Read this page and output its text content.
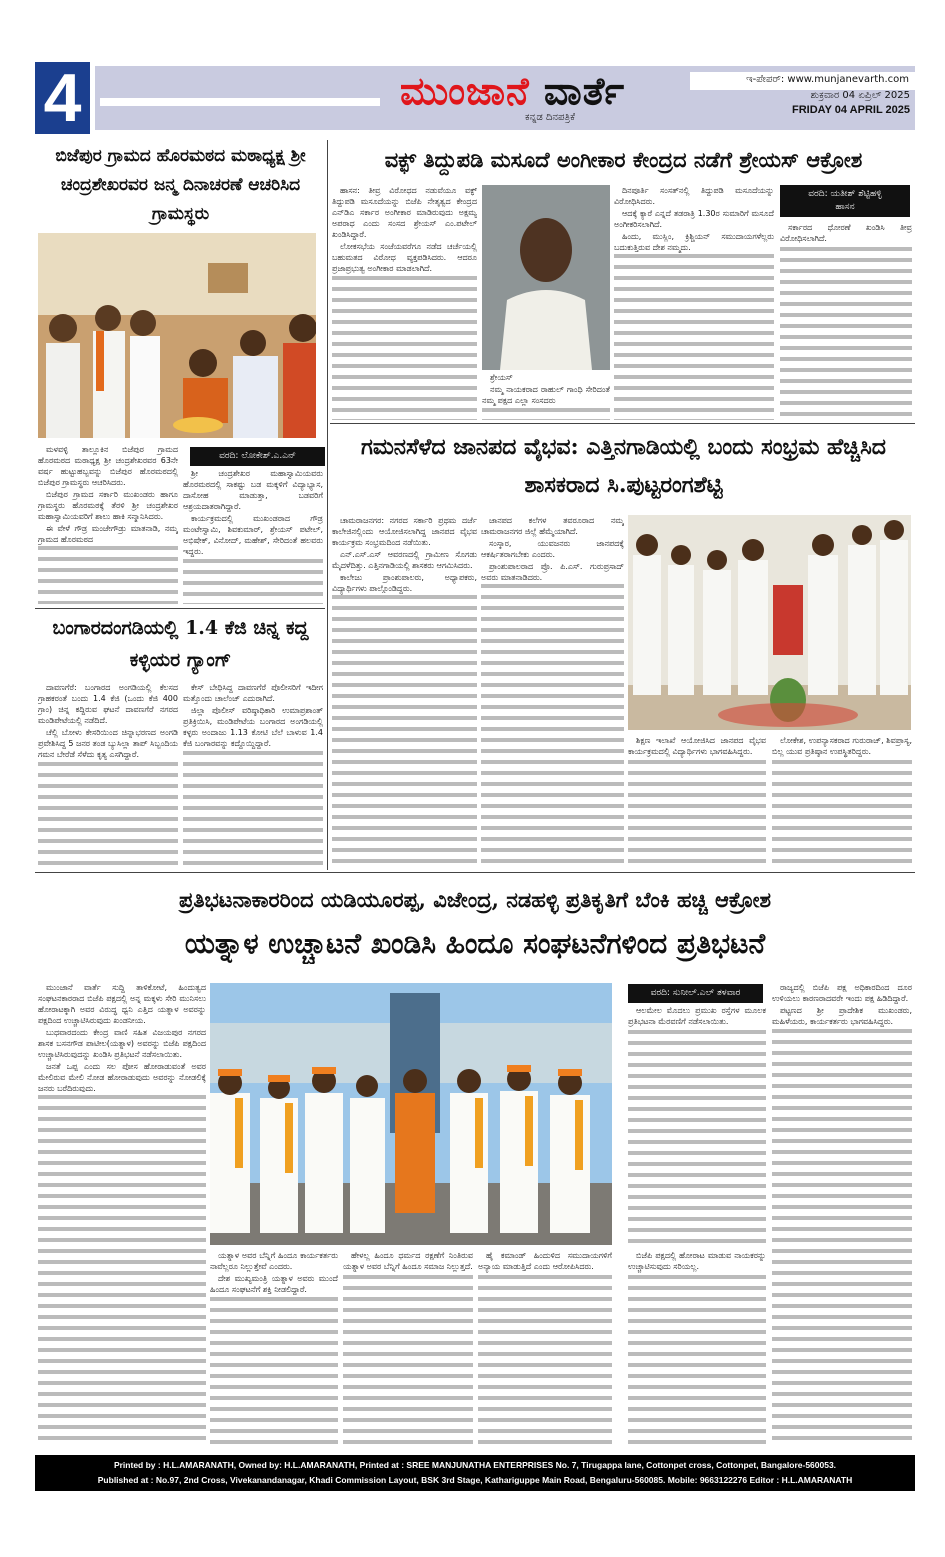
4	ಮುಂಜಾನೆ ವಾರ್ತೆ
ಕನ್ನಡ ದಿನಪತ್ರಿಕೆ
ಇ-ಪೇಪರ್: www.munjanevarth.com
ಶುಕ್ರವಾರ 04 ಏಪ್ರಿಲ್ 2025
FRIDAY 04 APRIL 2025
ಬಿಜೆಪುರ ಗ್ರಾಮದ ಹೊರಮಠದ ಮಠಾಧ್ಯಕ್ಷ ಶ್ರೀ ಚಂದ್ರಶೇಖರವರ ಜನ್ಮ ದಿನಾಚರಣೆ ಆಚರಿಸಿದ ಗ್ರಾಮಸ್ಥರು

ಮಳವಳ್ಳಿ ತಾಲ್ಲೂಕಿನ ಬಿಜೆಪುರ ಗ್ರಾಮದ ಹೊರಮಠದ ಮಠಾಧ್ಯಕ್ಷ ಶ್ರೀ ಚಂದ್ರಶೇಖರವರ 63ನೇ ವರ್ಷ ಹುಟ್ಟುಹಬ್ಬವನ್ನು ಬಿಜೆಪುರ ಹೊರಮಠದಲ್ಲಿ ಬಿಜೆಪುರ ಗ್ರಾಮಸ್ಥರು ಆಚರಿಸಿದರು.

ಬಿಜೆಪುರ ಗ್ರಾಮದ ಸರ್ಕಾರಿ ಮುಖಂಡರು ಹಾಗೂ ಗ್ರಾಮಸ್ಥರು ಹೊರಮಠಕ್ಕೆ ತೆರಳಿ ಶ್ರೀ ಚಂದ್ರಶೇಖರ ಮಹಾಸ್ವಾಮಿಯವರಿಗೆ ಶಾಲು ಹಾಕಿ ಸನ್ಮಾನಿಸಿದರು.

ಈ ವೇಳೆ ಗೌಡ್ರ ಮಂಜೇಗೌಡ್ರು ಮಾತನಾಡಿ, ನಮ್ಮ ಗ್ರಾಮದ ಹೊರಮಠದ

ವರದಿ: ಲೋಕೇಶ್.ಎ.ಎನ್

ಶ್ರೀ ಚಂದ್ರಶೇಖರ ಮಹಾಸ್ವಾಮಿಯವರು ಹೊರಮಠದಲ್ಲಿ ಸಾಕಷ್ಟು ಬಡ ಮಕ್ಕಳಿಗೆ ವಿದ್ಯಾಭ್ಯಾಸ, ದಾಸೋಹ ಮಾಡುತ್ತಾ, ಬಡವರಿಗೆ ಆಶ್ರಯದಾತರಾಗಿದ್ದಾರೆ.

ಕಾರ್ಯಕ್ರಮದಲ್ಲಿ ಮುಖಂಡರಾದ ಗೌಡ್ರ ಮಂಟೇಸ್ವಾಮಿ, ಶಿವಕುಮಾರ್, ಶ್ರೇಯಸ್ ಪಟೇಲ್, ಅಭಿಷೇಕ್, ವಿನೋದ್, ಮಹೇಶ್, ಸೇರಿದಂತೆ ಹಲವರು ಇದ್ದರು.

ಬಂಗಾರದಂಗಡಿಯಲ್ಲಿ 1.4 ಕೆಜಿ ಚಿನ್ನ ಕದ್ದ ಕಳ್ಳಿಯರ ಗ್ಯಾಂಗ್

ದಾವಣಗೆರೆ: ಬಂಗಾರದ ಅಂಗಡಿಯಲ್ಲಿ ಕೆಲಸದ ಗ್ರಾಹಕರಂತೆ ಬಂದು 1.4 ಕೆಜಿ (ಒಂದು ಕೆಜಿ 400 ಗ್ರಾಂ) ಚಿನ್ನ ಕದ್ದಿರುವ ಘಟನೆ ದಾವಣಗೆರೆ ನಗರದ ಮಂಡಿಪೇಟೆಯಲ್ಲಿ ನಡೆದಿದೆ.

ಚೆಲ್ಲಿ ಬೋಳು ಕೇಸರಿಯಿಂದ ಚಿನ್ನಾಭರಣದ ಅಂಗಡಿ ಪ್ರವೇಶಿಸಿದ್ದ 5 ಜನರ ತಂಡ ಬ್ಯುಸಿಲ್ಲಾ ತಾಪ್ ಸಿಬ್ಬಂದಿಯ ಗಮನ ಬೇರೆಡೆ ಸೆಳೆದು ಕೃತ್ಯ ಎಸಗಿದ್ದಾರೆ.

ಕೇಸ್ ಬೇಧಿಸಿದ್ದ ದಾವಣಗೆರೆ ಪೊಲೀಸರಿಗೆ ಇದೀಗ ಮತ್ತೊಂದು ಚಾಲೆಂಜ್ ಎದುರಾಗಿದೆ.

ಜಿಲ್ಲಾ ಪೊಲೀಸ್ ವರಿಷ್ಠಾಧಿಕಾರಿ ಉಮಾಪ್ರಶಾಂತ್ ಪ್ರತಿಕ್ರಿಯಿಸಿ, ಮಂಡಿಪೇಟೆಯ ಬಂಗಾರದ ಅಂಗಡಿಯಲ್ಲಿ ಕಳ್ಳರು ಅಂದಾಜು 1.13 ಕೋಟಿ ಬೆಲೆ ಬಾಳುವ 1.4 ಕೆಜಿ ಬಂಗಾರವನ್ನು ಕದ್ದೊಯ್ದಿದ್ದಾರೆ.

ವಕ್ಫ್ ತಿದ್ದುಪಡಿ ಮಸೂದೆ ಅಂಗೀಕಾರ ಕೇಂದ್ರದ ನಡೆಗೆ ಶ್ರೇಯಸ್ ಆಕ್ರೋಶ

ಹಾಸನ: ತೀವ್ರ ವಿರೋಧದ ನಡುವೆಯೂ ವಕ್ಫ್ ತಿದ್ದುಪಡಿ ಮಸೂದೆಯನ್ನು ಬಿಜೆಪಿ ನೇತೃತ್ವದ ಕೇಂದ್ರದ ಎನ್‌ಡಿಎ ಸರ್ಕಾರ ಅಂಗೀಕಾರ ಮಾಡಿರುವುದು ಅಕ್ಷಮ್ಯ ಅಪರಾಧ ಎಂದು ಸಂಸದ ಶ್ರೇಯಸ್ ಎಂ.ಪಟೇಲ್ ಖಂಡಿಸಿದ್ದಾರೆ.

ಲೋಕಸಭೆಯ ಸಂಜೆಯವರೆಗೂ ನಡೆದ ಚರ್ಚೆಯಲ್ಲಿ ಬಹುಮತದ ವಿರೋಧ ವ್ಯಕ್ತಪಡಿಸಿದರು. ಆದರೂ ಪ್ರಜಾಪ್ರಭುತ್ವ ಅಂಗೀಕಾರ ಮಾಡಲಾಗಿದೆ.

ಶ್ರೇಯಸ್

ನಮ್ಮ ನಾಯಕರಾದ ರಾಹುಲ್ ಗಾಂಧಿ ಸೇರಿದಂತೆ ನಮ್ಮ ಪಕ್ಷದ ಎಲ್ಲಾ ಸಂಸದರು

ದಿನಪೂರ್ತಿ ಸಂಸತ್‌ನಲ್ಲಿ ತಿದ್ದುಪಡಿ ಮಸೂದೆಯನ್ನು ವಿರೋಧಿಸಿದರು.

ಆದಕ್ಕೆ ಕ್ಯಾರೆ ಎನ್ನದೆ ತಡರಾತ್ರಿ 1.30ರ ಸುಮಾರಿಗೆ ಮಸೂದೆ ಅಂಗೀಕರಿಸಲಾಗಿದೆ.

ಹಿಂದು, ಮುಸ್ಲಿಂ, ಕ್ರಿಶ್ಚಿಯನ್ ಸಮುದಾಯಗಳೆಲ್ಲರು ಬದುಕುತ್ತಿರುವ ದೇಶ ನಮ್ಮದು.

ವರದಿ: ಯತೀಶ್ ಶೆಟ್ಟಿಹಳ್ಳಿ
ಹಾಸನ

ಸರ್ಕಾರದ ಧೋರಣೆ ಖಂಡಿಸಿ ತೀವ್ರ ವಿರೋಧಿಸಲಾಗಿದೆ.

ಗಮನಸೆಳೆದ ಜಾನಪದ ವೈಭವ: ಎತ್ತಿನಗಾಡಿಯಲ್ಲಿ ಬಂದು ಸಂಭ್ರಮ ಹೆಚ್ಚಿಸಿದ ಶಾಸಕರಾದ ಸಿ.ಪುಟ್ಟರಂಗಶೆಟ್ಟಿ

ಚಾಮರಾಜನಗರ: ನಗರದ ಸರ್ಕಾರಿ ಪ್ರಥಮ ದರ್ಜೆ ಕಾಲೇಜಿನಲ್ಲಿಂದು ಆಯೋಜಿಸಲಾಗಿದ್ದ ಜಾನಪದ ವೈಭವ ಕಾರ್ಯಕ್ರಮ ಸಂಭ್ರಮದಿಂದ ನಡೆಯಿತು.

ಎನ್.ಎಸ್.ಎಸ್ ಆವರಣದಲ್ಲಿ ಗ್ರಾಮೀಣ ಸೊಗಡು ಮೈದಳೆದಿತ್ತು. ಎತ್ತಿನಗಾಡಿಯಲ್ಲಿ ಶಾಸಕರು ಆಗಮಿಸಿದರು.

ಕಾಲೇಜು ಪ್ರಾಂಶುಪಾಲರು, ಅಧ್ಯಾಪಕರು, ವಿದ್ಯಾರ್ಥಿಗಳು ಪಾಲ್ಗೊಂಡಿದ್ದರು.

ಜಾನಪದ ಕಲೆಗಳ ತವರೂರಾದ ನಮ್ಮ ಚಾಮರಾಜನಗರ ಜಿಲ್ಲೆ ಹೆಮ್ಮೆಯಾಗಿದೆ.

ಸಂಸ್ಕಾರ, ಯುವಜನರು ಜಾನಪದಕ್ಕೆ ಆಕರ್ಷಿತರಾಗಬೇಕು ಎಂದರು.

ಪ್ರಾಂಶುಪಾಲರಾದ ಪ್ರೊ. ಪಿ.ಎಸ್. ಗುರುಪ್ರಸಾದ್ ಅವರು ಮಾತನಾಡಿದರು.

ಶಿಕ್ಷಣ ಇಲಾಖೆ ಆಯೋಜಿಸಿದ ಜಾನಪದ ವೈಭವ ಕಾರ್ಯಕ್ರಮದಲ್ಲಿ ವಿದ್ಯಾರ್ಥಿಗಳು ಭಾಗವಹಿಸಿದ್ದರು.

ಲೋಕೇಶ, ಉಪನ್ಯಾಸಕರಾದ ಗುರುರಾಜ್, ಶಿವಪ್ರಾಸ್ಯ, ಬಿಲ್ಲ ಯುವ ಪ್ರತಿಷ್ಠಾನ ಉಪಸ್ಥಿತರಿದ್ದರು.

ಪ್ರತಿಭಟನಾಕಾರರಿಂದ ಯಡಿಯೂರಪ್ಪ, ವಿಜೇಂದ್ರ, ನಡಹಳ್ಳಿ ಪ್ರತಿಕೃತಿಗೆ ಬೆಂಕಿ ಹಚ್ಚಿ ಆಕ್ರೋಶ
ಯತ್ನಾಳ ಉಚ್ಚಾಟನೆ ಖಂಡಿಸಿ ಹಿಂದೂ ಸಂಘಟನೆಗಳಿಂದ ಪ್ರತಿಭಟನೆ

ಮುಂಜಾನೆ ವಾರ್ತೆ ಸುದ್ದಿ ತಾಳಿಕೋಟೆ, ಹಿಂದುತ್ವದ ಸಂಘಟನಕಾರರಾದ ಬಿಜೆಪಿ ಪಕ್ಷದಲ್ಲಿ ಅನ್ನ ಮಕ್ಕಳು ಸೇರಿ ಮುನಿಸಲು ಹೋರಾಟಕ್ಕಾಗಿ ಅವರ ವಿರುದ್ಧ ಧ್ವನಿ ಎತ್ತಿದ ಯತ್ನಾಳ ಅವರನ್ನು ಪಕ್ಷದಿಂದ ಉಚ್ಚಾಟಿಸಿರುವುದು ಖಂಡನೀಯ.

ಬುಧವಾರದಂದು ಕೇಂದ್ರ ವಾಣಿ ಸಹಿತ ವಿಜಯಪುರ ನಗರದ ಶಾಸಕ ಬಸನಗೌಡ ಪಾಟೀಲ(ಯತ್ನಾಳ) ಅವರನ್ನು ಬಿಜೆಪಿ ಪಕ್ಷದಿಂದ ಉಚ್ಚಾಟಿಸಿರುವುದನ್ನು ಖಂಡಿಸಿ ಪ್ರತಿಭಟನೆ ನಡೆಸಲಾಯಿತು.

ಜನತೆ ಒಪ್ಪ ಎಂದು ಸಲ ಪೋಸ ಹೋರಾಡುವಂತೆ ಅವರ ಮೇಲಿರುವ ಮೇಲಿ ನೋಡ ಹೋರಾಡುವುದು ಅವರನ್ನು ನೋಡಲಿಕ್ಕೆ ಜನರು ಬರೆದಿರುವುದು.

ವರದಿ: ಸುನೀಲ್.ಎಲ್ ತಳವಾರ

ಆಲಮೇಲ ಮೊದಲು ಪ್ರಮುಖ ರಸ್ತೆಗಳ ಮೂಲಕ ಪ್ರತಿಭಟನಾ ಮೆರವಣಿಗೆ ನಡೆಸಲಾಯಿತು.

ರಾಜ್ಯದಲ್ಲಿ ಬಿಜೆಪಿ ಪಕ್ಷ ಅಧಿಕಾರದಿಂದ ದೂರ ಉಳಿಯಲು ಕಾರಣರಾದವರೇ ಇಂದು ಪಕ್ಷ ಹಿಡಿದಿದ್ದಾರೆ.

ಪಟ್ಟಣದ ಶ್ರೀ ಪ್ರಾದೇಶಿಕ ಮುಖಂಡರು, ಮಹಿಳೆಯರು, ಕಾರ್ಯಕರ್ತರು ಭಾಗವಹಿಸಿದ್ದರು.

ಯತ್ನಾಳ ಅವರ ಬೆನ್ನಿಗೆ ಹಿಂದೂ ಕಾರ್ಯಕರ್ತರು ನಾವೆಲ್ಲರೂ ನಿಲ್ಲುತ್ತೇವೆ ಎಂದರು.

ದೇಶ ಮುಖ್ಯಮಂತ್ರಿ ಯತ್ನಾಳ ಅವರು ಮುಂದೆ ಹಿಂದೂ ಸಂಘಟನೆಗೆ ಶಕ್ತಿ ನೀಡಲಿದ್ದಾರೆ.

ಹೇಳಲ್ಲ ಹಿಂದೂ ಧರ್ಮದ ರಕ್ಷಣೆಗೆ ನಿಂತಿರುವ ಯತ್ನಾಳ ಅವರ ಬೆನ್ನಿಗೆ ಹಿಂದೂ ಸಮಾಜ ನಿಲ್ಲುತ್ತದೆ.

ಹೈ ಕಮಾಂಡ್ ಹಿಂದುಳಿದ ಸಮುದಾಯಗಳಿಗೆ ಅನ್ಯಾಯ ಮಾಡುತ್ತಿದೆ ಎಂದು ಆರೋಪಿಸಿದರು.

ಬಿಜೆಪಿ ಪಕ್ಷದಲ್ಲಿ ಹೋರಾಟ ಮಾಡುವ ನಾಯಕರನ್ನು ಉಚ್ಚಾಟಿಸುವುದು ಸರಿಯಲ್ಲ.

Printed by : H.L.AMARANATH, Owned by: H.L.AMARANATH, Printed at : SREE MANJUNATHA ENTERPRISES No. 7, Tirugappa lane, Cottonpet cross, Cottonpet, Bangalore-560053.
Published at : No.97, 2nd Cross, Vivekanandanagar, Khadi Commission Layout, BSK 3rd Stage, Kathariguppe Main Road, Bengaluru-560085. Mobile: 9663122276 Editor : H.L.AMARANATH
